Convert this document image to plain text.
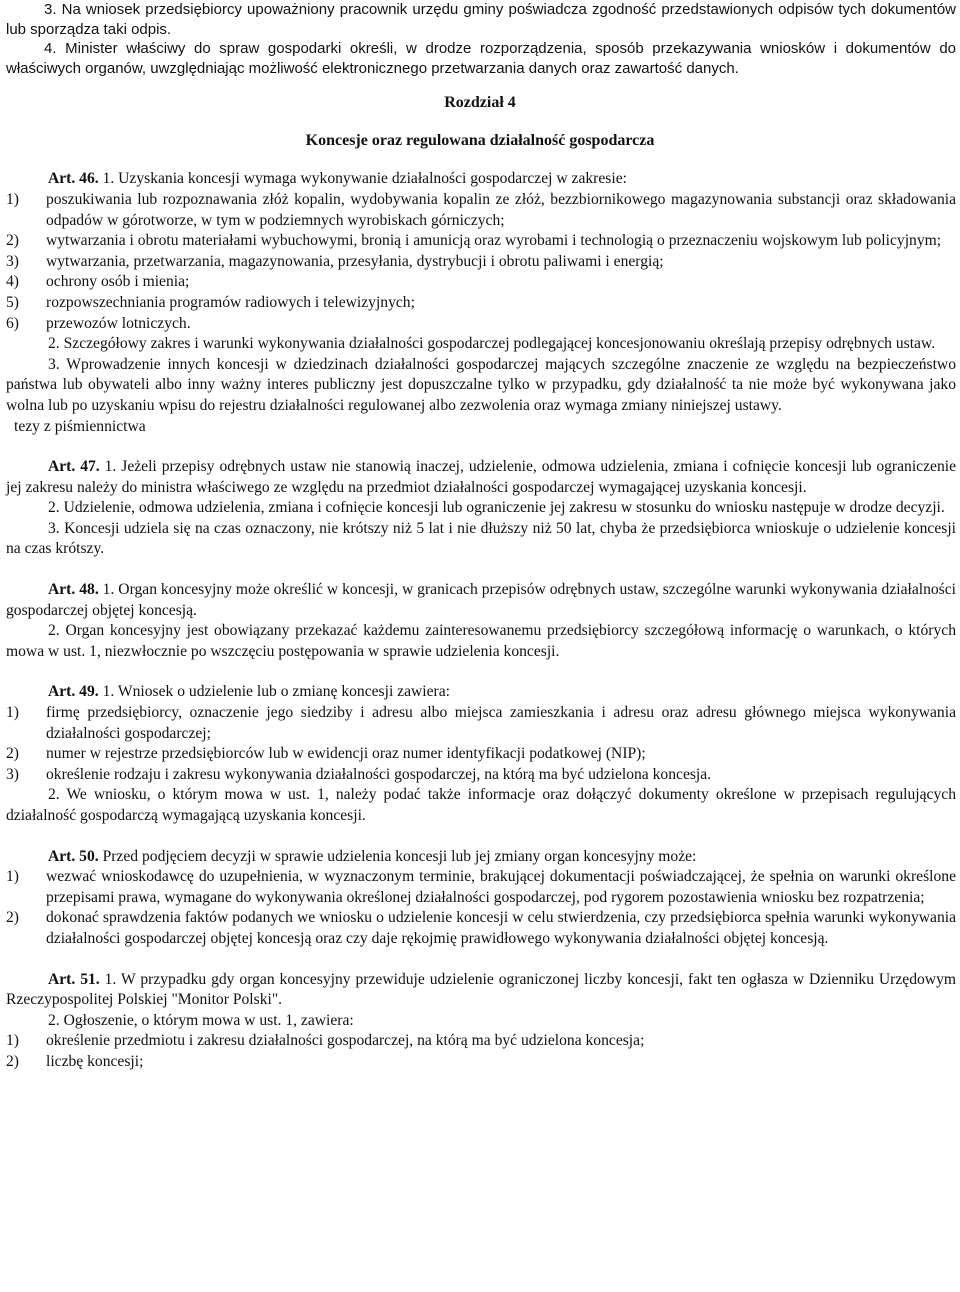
3. Na wniosek przedsiębiorcy upoważniony pracownik urzędu gminy poświadcza zgodność przedstawionych odpisów tych dokumentów lub sporządza taki odpis.

4. Minister właściwy do spraw gospodarki określi, w drodze rozporządzenia, sposób przekazywania wniosków i dokumentów do właściwych organów, uwzględniając możliwość elektronicznego przetwarzania danych oraz zawartość danych.

Rozdział 4

Koncesje oraz regulowana działalność gospodarcza

Art. 46. 1. Uzyskania koncesji wymaga wykonywanie działalności gospodarczej w zakresie:

1)	poszukiwania lub rozpoznawania złóż kopalin, wydobywania kopalin ze złóż, bezzbiornikowego magazynowania substancji oraz składowania odpadów w górotworze, w tym w podziemnych wyrobiskach górniczych;
2)	wytwarzania i obrotu materiałami wybuchowymi, bronią i amunicją oraz wyrobami i technologią o przeznaczeniu wojskowym lub policyjnym;
3)	wytwarzania, przetwarzania, magazynowania, przesyłania, dystrybucji i obrotu paliwami i energią;
4)	ochrony osób i mienia;
5)	rozpowszechniania programów radiowych i telewizyjnych;
6)	przewozów lotniczych.

2. Szczegółowy zakres i warunki wykonywania działalności gospodarczej podlegającej koncesjonowaniu określają przepisy odrębnych ustaw.

3. Wprowadzenie innych koncesji w dziedzinach działalności gospodarczej mających szczególne znaczenie ze względu na bezpieczeństwo państwa lub obywateli albo inny ważny interes publiczny jest dopuszczalne tylko w przypadku, gdy działalność ta nie może być wykonywana jako wolna lub po uzyskaniu wpisu do rejestru działalności regulowanej albo zezwolenia oraz wymaga zmiany niniejszej ustawy.

tezy z piśmiennictwa

Art. 47. 1. Jeżeli przepisy odrębnych ustaw nie stanowią inaczej, udzielenie, odmowa udzielenia, zmiana i cofnięcie koncesji lub ograniczenie jej zakresu należy do ministra właściwego ze względu na przedmiot działalności gospodarczej wymagającej uzyskania koncesji.

2. Udzielenie, odmowa udzielenia, zmiana i cofnięcie koncesji lub ograniczenie jej zakresu w stosunku do wniosku następuje w drodze decyzji.

3. Koncesji udziela się na czas oznaczony, nie krótszy niż 5 lat i nie dłuższy niż 50 lat, chyba że przedsiębiorca wnioskuje o udzielenie koncesji na czas krótszy.

Art. 48. 1. Organ koncesyjny może określić w koncesji, w granicach przepisów odrębnych ustaw, szczególne warunki wykonywania działalności gospodarczej objętej koncesją.

2. Organ koncesyjny jest obowiązany przekazać każdemu zainteresowanemu przedsiębiorcy szczegółową informację o warunkach, o których mowa w ust. 1, niezwłocznie po wszczęciu postępowania w sprawie udzielenia koncesji.

Art. 49. 1. Wniosek o udzielenie lub o zmianę koncesji zawiera:

1)	firmę przedsiębiorcy, oznaczenie jego siedziby i adresu albo miejsca zamieszkania i adresu oraz adresu głównego miejsca wykonywania działalności gospodarczej;
2)	numer w rejestrze przedsiębiorców lub w ewidencji oraz numer identyfikacji podatkowej (NIP);
3)	określenie rodzaju i zakresu wykonywania działalności gospodarczej, na którą ma być udzielona koncesja.

2. We wniosku, o którym mowa w ust. 1, należy podać także informacje oraz dołączyć dokumenty określone w przepisach regulujących działalność gospodarczą wymagającą uzyskania koncesji.

Art. 50. Przed podjęciem decyzji w sprawie udzielenia koncesji lub jej zmiany organ koncesyjny może:

1)	wezwać wnioskodawcę do uzupełnienia, w wyznaczonym terminie, brakującej dokumentacji poświadczającej, że spełnia on warunki określone przepisami prawa, wymagane do wykonywania określonej działalności gospodarczej, pod rygorem pozostawienia wniosku bez rozpatrzenia;
2)	dokonać sprawdzenia faktów podanych we wniosku o udzielenie koncesji w celu stwierdzenia, czy przedsiębiorca spełnia warunki wykonywania działalności gospodarczej objętej koncesją oraz czy daje rękojmię prawidłowego wykonywania działalności objętej koncesją.

Art. 51. 1. W przypadku gdy organ koncesyjny przewiduje udzielenie ograniczonej liczby koncesji, fakt ten ogłasza w Dzienniku Urzędowym Rzeczypospolitej Polskiej "Monitor Polski".

2. Ogłoszenie, o którym mowa w ust. 1, zawiera:

1)	określenie przedmiotu i zakresu działalności gospodarczej, na którą ma być udzielona koncesja;
2)	liczbę koncesji;
